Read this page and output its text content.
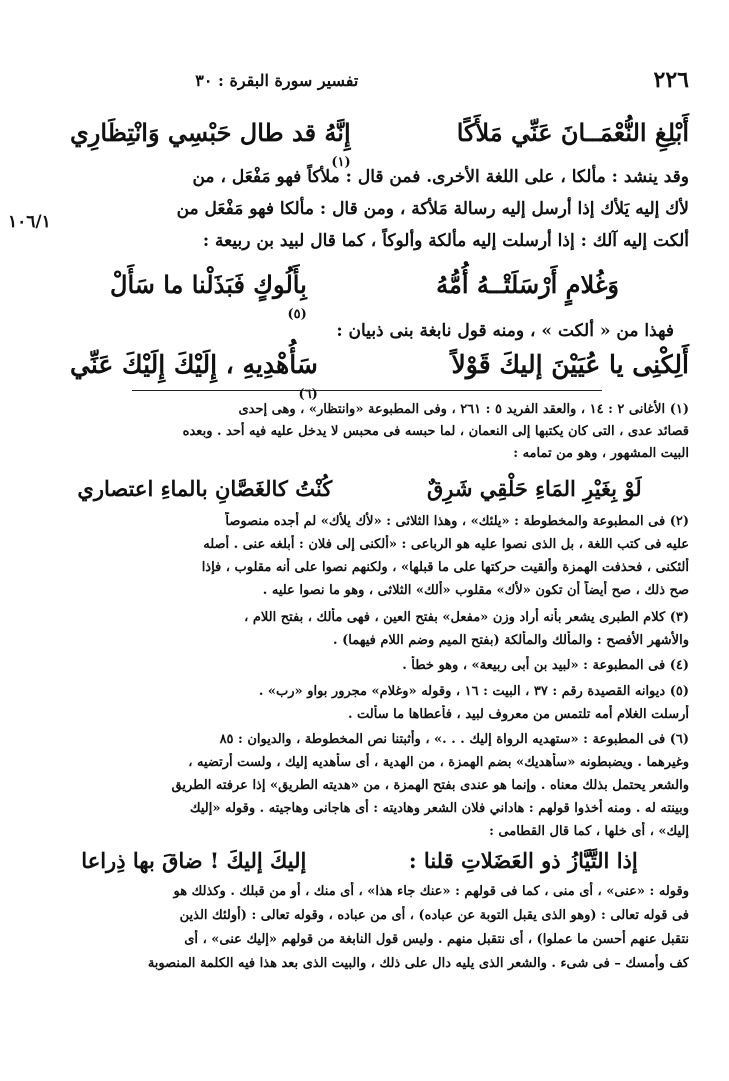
٢٢٦
تفسير سورة البقرة : ٣٠
١٠٦/١
أَبْلِغِ النُّعْمَــانَ عَنِّي مَلأَكًا
إِنَّهُ قد طال حَبْسِي وَانْتِظَارِي
(١)
وقد ينشد : مألكا ، على اللغة الأخرى. فمن قال : ملأكاً فهو مَفْعَل ، من
لأك إليه يَلأك إذا أرسل إليه رسالة مَلأكة ، ومن قال : مألكا فهو مَفْعَل من
ألكت إليه آلك : إذا أرسلت إليه مألكة وألوكاً ، كما قال لبيد بن ربيعة :
وَغُلامٍ أَرْسَلَتْــهُ أُمُّهُ
بِأَلُوكٍ فَبَذَلْنا ما سَأَلْ
(٥)
فهذا من « ألكت » ، ومنه قول نابغة بنى ذبيان :
أَلِكْنِى يا عُيَيْنَ إليكَ قَوْلاً
سَأُهْدِيهِ ، إِلَيْكَ إِلَيْكَ عَنِّي
(٦)
(١) الأغانى ٢ : ١٤ ، والعقد الفريد ٥ : ٢٦١ ، وفى المطبوعة «وانتظار» ، وهى إحدى
قصائد عدى ، التى كان يكتبها إلى النعمان ، لما حبسه فى محبس لا يدخل عليه فيه أحد . وبعده
البيت المشهور ، وهو من تمامه :
لَوْ بِغَيْرِ المَاءِ حَلْقِي شَرِقٌ
كُنْتُ كالغَصَّانِ بالماءِ اعتصاري
(٢) فى المطبوعة والمخطوطة : «يلئك» ، وهذا الثلاثى : «لأك يلأك» لم أجده منصوصاً
عليه فى كتب اللغة ، بل الذى نصوا عليه هو الرباعى : «ألكنى إلى فلان : أبلغه عنى . أصله
ألئكنى ، فحذفت الهمزة وألقيت حركتها على ما قبلها» ، ولكنهم نصوا على أنه مقلوب ، فإذا
صح ذلك ، صح أيضاً أن تكون «لأك» مقلوب «ألك» الثلاثى ، وهو ما نصوا عليه .
(٣) كلام الطبرى يشعر بأنه أراد وزن «مفعل» بفتح العين ، فهى مألك ، بفتح اللام ،
والأشهر الأفصح : والمألك والمألكة (بفتح الميم وضم اللام فيهما) .
(٤) فى المطبوعة : «لبيد بن أبى ربيعة» ، وهو خطأ .
(٥) ديوانه القصيدة رقم : ٣٧ ، البيت : ١٦ ، وقوله «وغلام» مجرور بواو «رب» .
أرسلت الغلام أمه تلتمس من معروف لبيد ، فأعطاها ما سألت .
(٦) فى المطبوعة : «ستهديه الرواة إليك . . .» ، وأثبتنا نص المخطوطة ، والديوان : ٨٥
وغيرهما . ويضبطونه «سأهديك» بضم الهمزة ، من الهدية ، أى سأهديه إليك ، ولست أرتضيه ،
والشعر يحتمل بذلك معناه . وإنما هو عندى بفتح الهمزة ، من «هديته الطريق» إذا عرفته الطريق
وبينته له . ومنه أخذوا قولهم : هاداني فلان الشعر وهاديته : أى هاجانى وهاجيته . وقوله «إليك
إليك» ، أى خلها ، كما قال القطامى :
إذا التَّيَّازُ ذو العَضَلاتِ قلنا :
إليكَ إليكَ ! ضاقَ بها ذِراعا
وقوله : «عنى» ، أى منى ، كما فى قولهم : «عنك جاء هذا» ، أى منك ، أو من قبلك . وكذلك هو
فى قوله تعالى : (وهو الذى يقبل التوبة عن عباده) ، أى من عباده ، وقوله تعالى : (أولئك الذين
نتقبل عنهم أحسن ما عملوا) ، أى نتقبل منهم . وليس قول النابغة من قولهم «إليك عنى» ، أى
كف وأمسك – فى شىء . والشعر الذى يليه دال على ذلك ، والبيت الذى بعد هذا فيه الكلمة المنصوبة
